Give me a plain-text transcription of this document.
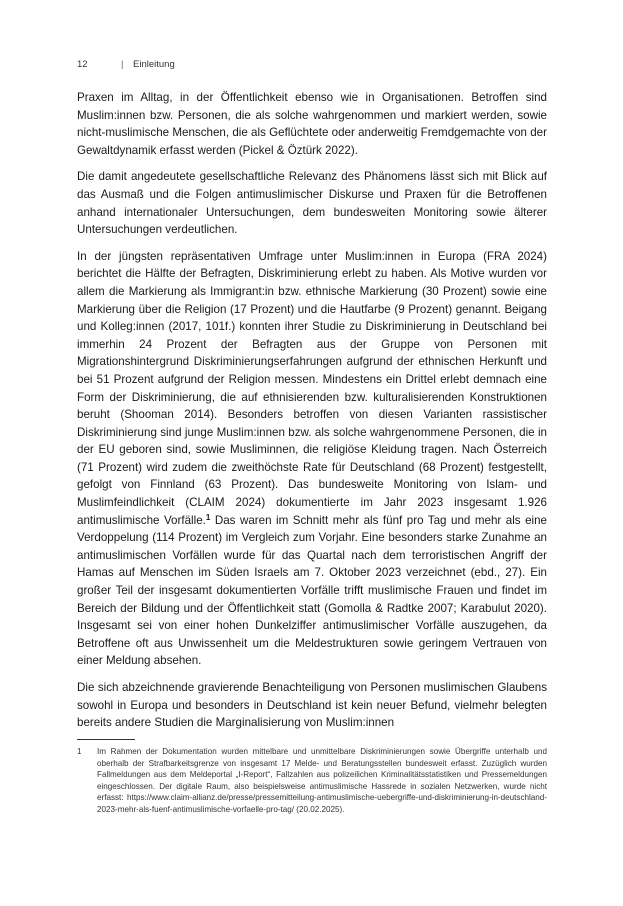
12	| Einleitung

Praxen im Alltag, in der Öffentlichkeit ebenso wie in Organisationen. Betroffen sind Muslim:innen bzw. Personen, die als solche wahrgenommen und markiert werden, sowie nicht-muslimische Menschen, die als Geflüchtete oder anderweitig Fremdgemachte von der Gewaltdynamik erfasst werden (Pickel & Öztürk 2022).

Die damit angedeutete gesellschaftliche Relevanz des Phänomens lässt sich mit Blick auf das Ausmaß und die Folgen antimuslimischer Diskurse und Praxen für die Betroffenen anhand internationaler Untersuchungen, dem bundesweiten Monitoring sowie älterer Untersuchungen verdeutlichen.

In der jüngsten repräsentativen Umfrage unter Muslim:innen in Europa (FRA 2024) berichtet die Hälfte der Befragten, Diskriminierung erlebt zu haben. Als Motive wurden vor allem die Markierung als Immigrant:in bzw. ethnische Markierung (30 Prozent) sowie eine Markierung über die Religion (17 Prozent) und die Hautfarbe (9 Prozent) genannt. Beigang und Kolleg:innen (2017, 101f.) konnten ihrer Studie zu Diskriminierung in Deutschland bei immerhin 24 Prozent der Befragten aus der Gruppe von Personen mit Migrationshintergrund Diskriminierungserfahrungen aufgrund der ethnischen Herkunft und bei 51 Prozent aufgrund der Religion messen. Mindestens ein Drittel erlebt demnach eine Form der Diskriminierung, die auf ethnisierenden bzw. kulturalisierenden Konstruktionen beruht (Shooman 2014). Besonders betroffen von diesen Varianten rassistischer Diskriminierung sind junge Muslim:innen bzw. als solche wahrgenommene Personen, die in der EU geboren sind, sowie Musliminnen, die religiöse Kleidung tragen. Nach Österreich (71 Prozent) wird zudem die zweithöchste Rate für Deutschland (68 Prozent) festgestellt, gefolgt von Finnland (63 Prozent). Das bundesweite Monitoring von Islam- und Muslimfeindlichkeit (CLAIM 2024) dokumentierte im Jahr 2023 insgesamt 1.926 antimuslimische Vorfälle.$^1$ Das waren im Schnitt mehr als fünf pro Tag und mehr als eine Verdoppelung (114 Prozent) im Vergleich zum Vorjahr. Eine besonders starke Zunahme an antimuslimischen Vorfällen wurde für das Quartal nach dem terroristischen Angriff der Hamas auf Menschen im Süden Israels am 7. Oktober 2023 verzeichnet (ebd., 27). Ein großer Teil der insgesamt dokumentierten Vorfälle trifft muslimische Frauen und findet im Bereich der Bildung und der Öffentlichkeit statt (Gomolla & Radtke 2007; Karabulut 2020). Insgesamt sei von einer hohen Dunkelziffer antimuslimischer Vorfälle auszugehen, da Betroffene oft aus Unwissenheit um die Meldestrukturen sowie geringem Vertrauen von einer Meldung absehen.

Die sich abzeichnende gravierende Benachteiligung von Personen muslimischen Glaubens sowohl in Europa und besonders in Deutschland ist kein neuer Befund, vielmehr belegten bereits andere Studien die Marginalisierung von Muslim:innen

1 Im Rahmen der Dokumentation wurden mittelbare und unmittelbare Diskriminierungen sowie Übergriffe unterhalb und oberhalb der Strafbarkeitsgrenze von insgesamt 17 Melde- und Beratungsstellen bundesweit erfasst. Zuzüglich wurden Fallmeldungen aus dem Meldeportal „I-Report“, Fallzahlen aus polizeilichen Kriminalitätsstatistiken und Pressemeldungen eingeschlossen. Der digitale Raum, also beispielsweise antimuslimische Hassrede in sozialen Netzwerken, wurde nicht erfasst: https://www.claim-allianz.de/presse/pressemitteilung-antimuslimische-uebergriffe-und-diskriminierung-in-deutschland-2023-mehr-als-fuenf-antimuslimische-vorfaelle-pro-tag/ (20.02.2025).
